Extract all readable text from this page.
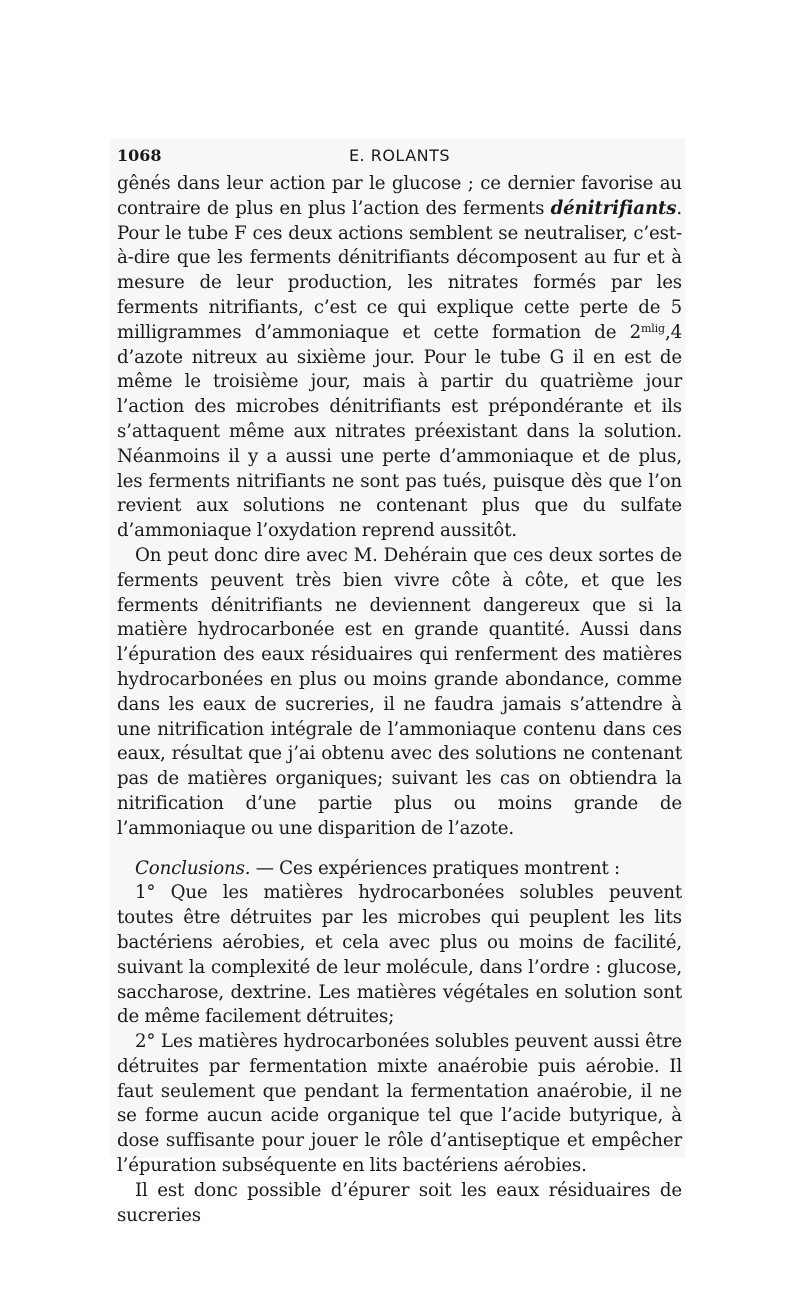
1068	E. ROLANTS

gênés dans leur action par le glucose ; ce dernier favorise au contraire de plus en plus l’action des ferments dénitrifiants. Pour le tube F ces deux actions semblent se neutraliser, c’est-à-dire que les ferments dénitrifiants décomposent au fur et à mesure de leur production, les nitrates formés par les ferments nitrifiants, c’est ce qui explique cette perte de 5 milligrammes d’ammoniaque et cette formation de $2^{mlig},4$ d’azote nitreux au sixième jour. Pour le tube G il en est de même le troisième jour, mais à partir du quatrième jour l’action des microbes dénitrifiants est prépondérante et ils s’attaquent même aux nitrates préexistant dans la solution. Néanmoins il y a aussi une perte d’ammoniaque et de plus, les ferments nitrifiants ne sont pas tués, puisque dès que l’on revient aux solutions ne contenant plus que du sulfate d’ammoniaque l’oxydation reprend aussitôt.

On peut donc dire avec M. Dehérain que ces deux sortes de ferments peuvent très bien vivre côte à côte, et que les ferments dénitrifiants ne deviennent dangereux que si la matière hydrocarbonée est en grande quantité. Aussi dans l’épuration des eaux résiduaires qui renferment des matières hydrocarbonées en plus ou moins grande abondance, comme dans les eaux de sucreries, il ne faudra jamais s’attendre à une nitrification intégrale de l’ammoniaque contenu dans ces eaux, résultat que j’ai obtenu avec des solutions ne contenant pas de matières organiques; suivant les cas on obtiendra la nitrification d’une partie plus ou moins grande de l’ammoniaque ou une disparition de l’azote.

Conclusions. — Ces expériences pratiques montrent :

1° Que les matières hydrocarbonées solubles peuvent toutes être détruites par les microbes qui peuplent les lits bactériens aérobies, et cela avec plus ou moins de facilité, suivant la complexité de leur molécule, dans l’ordre : glucose, saccharose, dextrine. Les matières végétales en solution sont de même facilement détruites;

2° Les matières hydrocarbonées solubles peuvent aussi être détruites par fermentation mixte anaérobie puis aérobie. Il faut seulement que pendant la fermentation anaérobie, il ne se forme aucun acide organique tel que l’acide butyrique, à dose suffisante pour jouer le rôle d’antiseptique et empêcher l’épuration subséquente en lits bactériens aérobies.

Il est donc possible d’épurer soit les eaux résiduaires de sucreries
